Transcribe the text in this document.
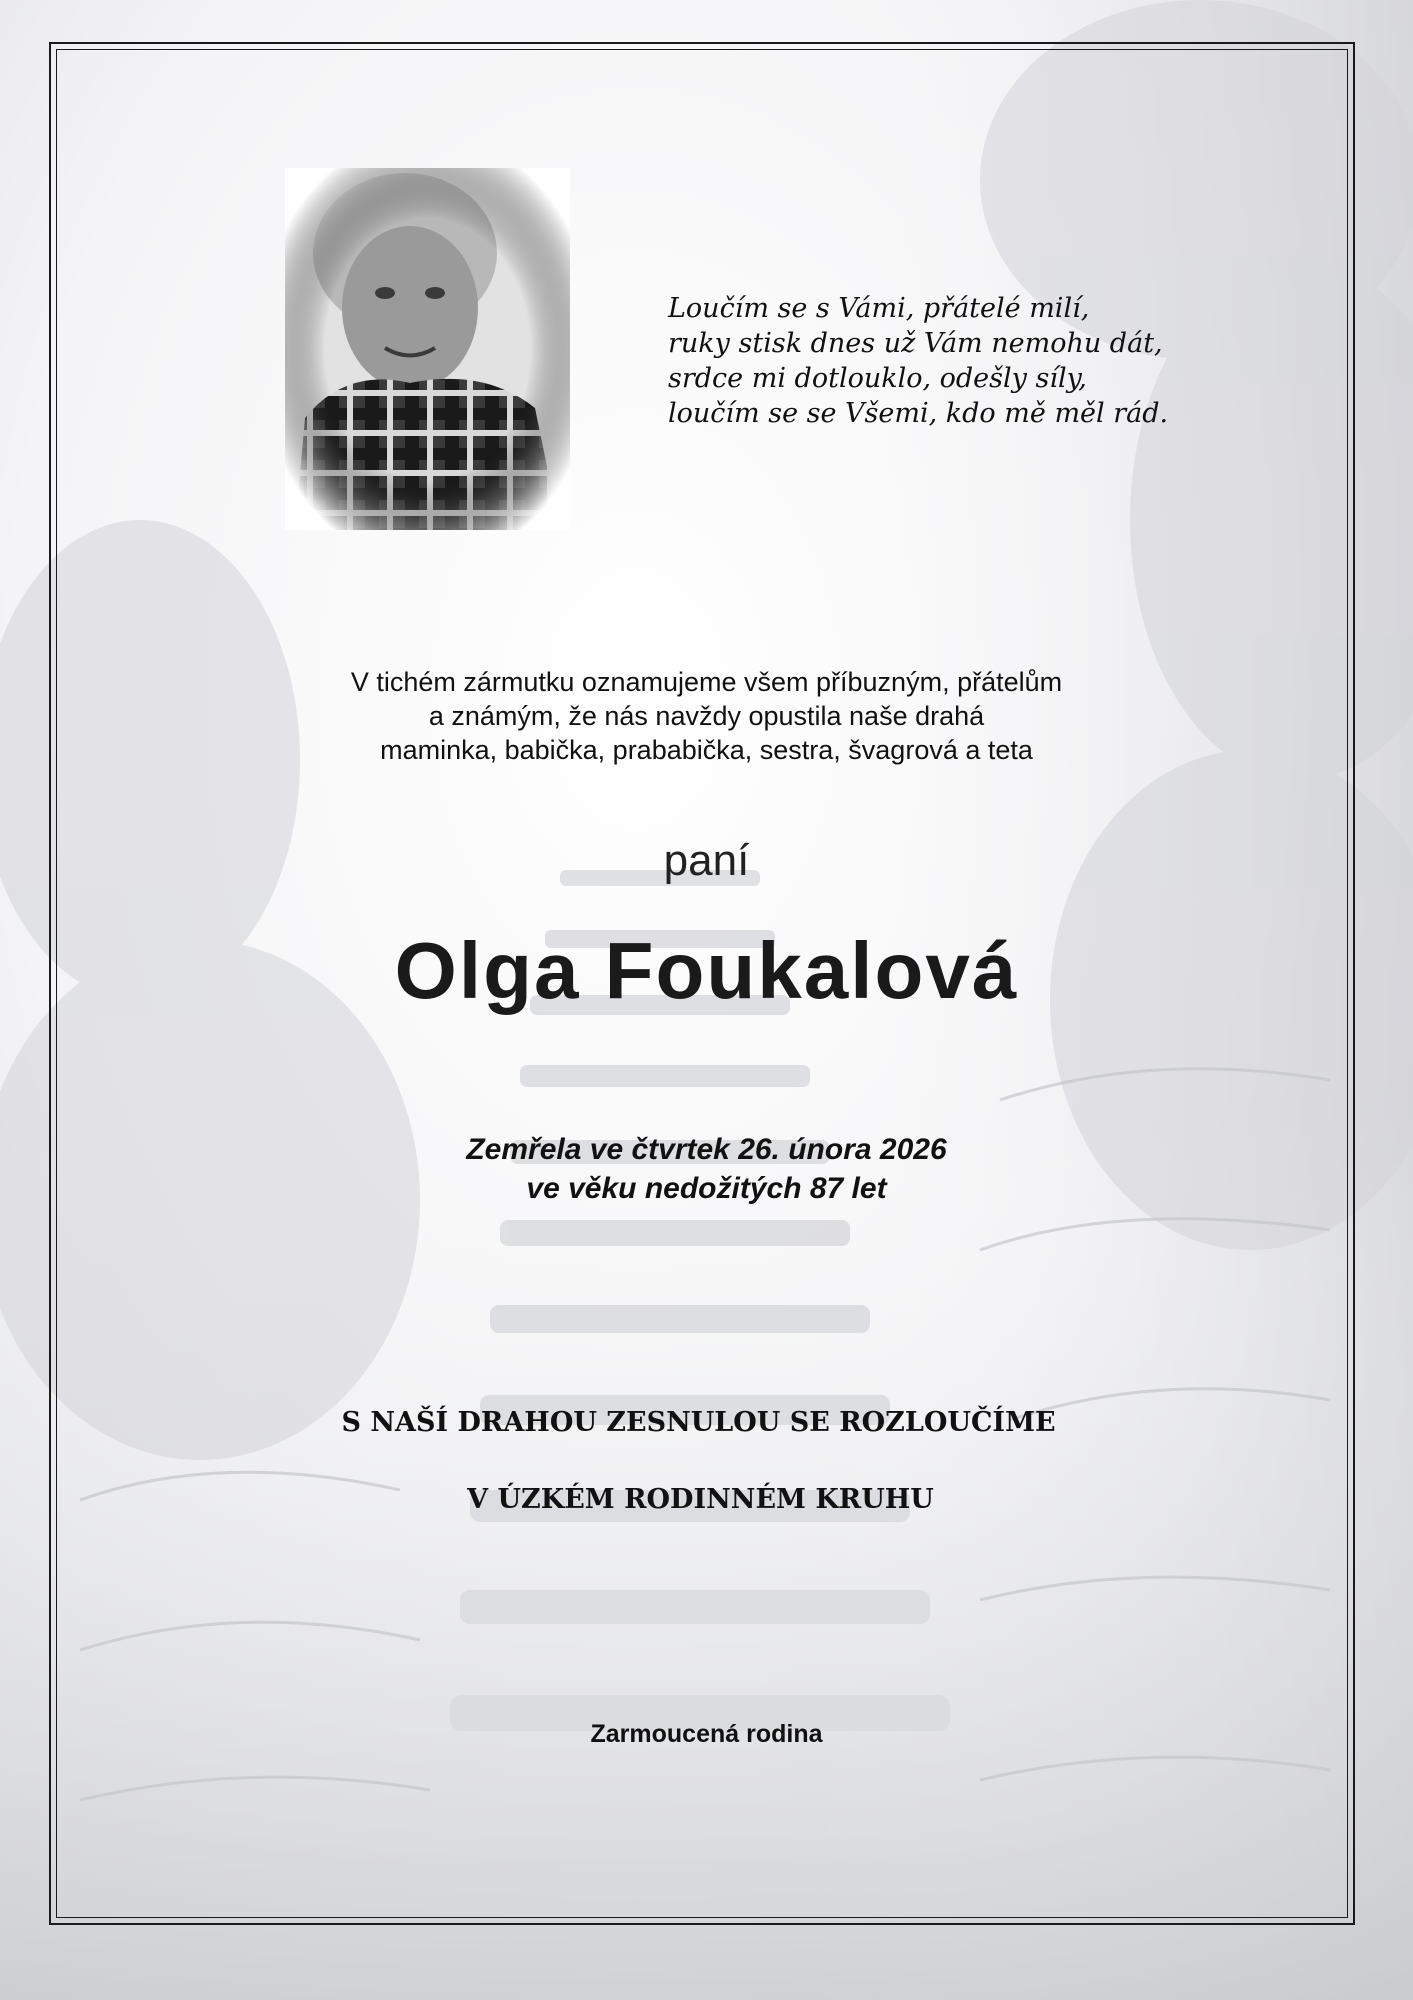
Loučím se s Vámi, přátelé milí,
ruky stisk dnes už Vám nemohu dát,
srdce mi dotlouklo, odešly síly,
loučím se se Všemi, kdo mě měl rád.
V tichém zármutku oznamujeme všem příbuzným, přátelům
a známým, že nás navždy opustila naše drahá
maminka, babička, prababička, sestra, švagrová a teta
paní
Olga Foukalová
Zemřela ve čtvrtek 26. února 2026
ve věku nedožitých 87 let
S NAŠÍ DRAHOU ZESNULOU SE ROZLOUČÍME
V ÚZKÉM RODINNÉM KRUHU
Zarmoucená rodina
